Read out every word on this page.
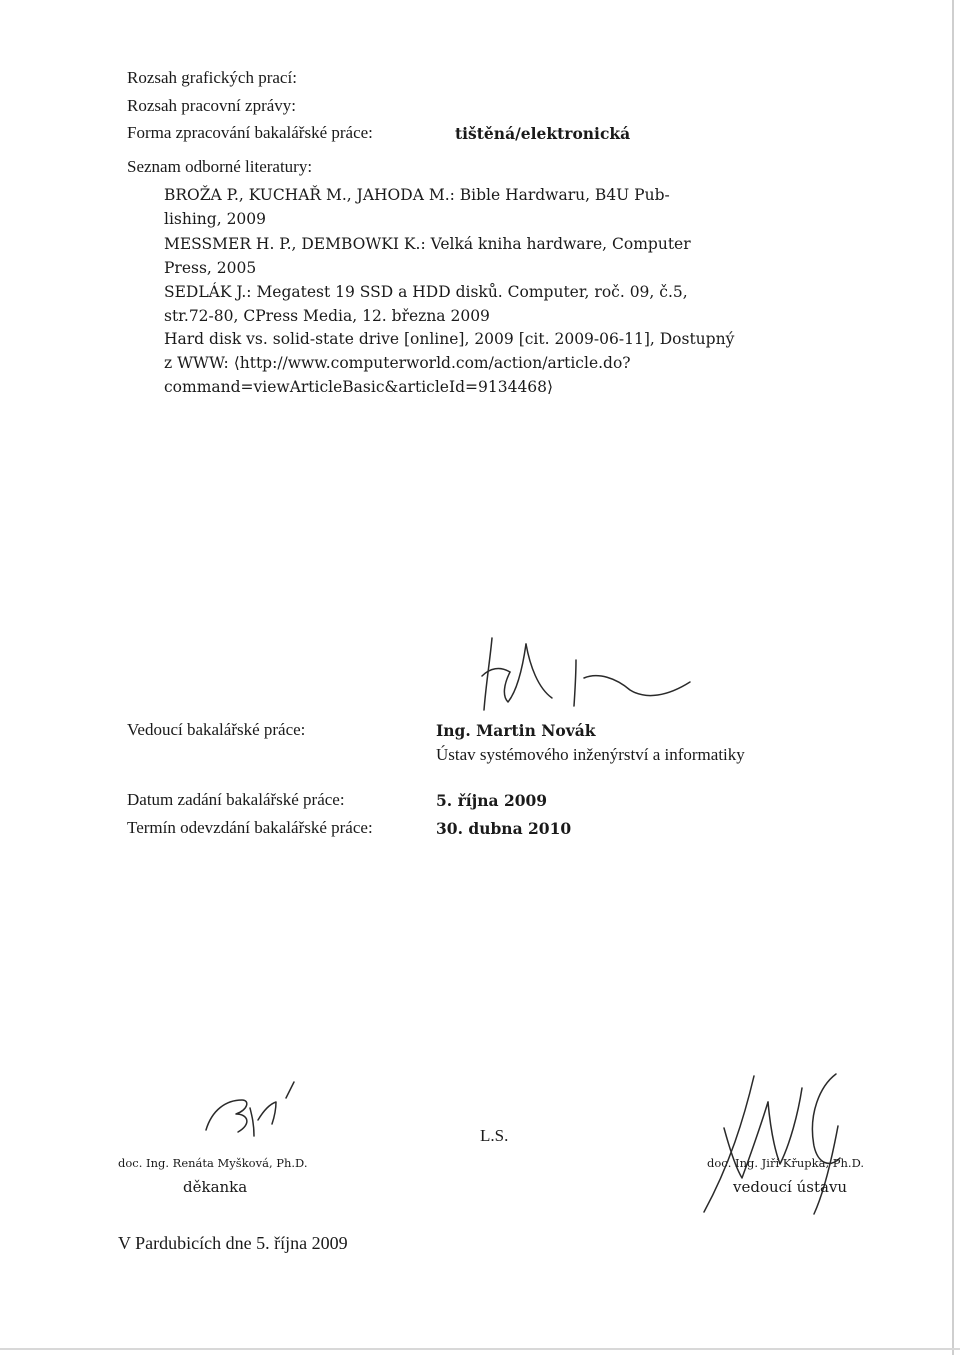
Rozsah grafických prací:
Rozsah pracovní zprávy:
Forma zpracování bakalářské práce:	tištěná/elektronická
Seznam odborné literatury:
BROŽA P., KUCHAŘ M., JAHODA M.: Bible Hardwaru, B4U Pub-
lishing, 2009
MESSMER H. P., DEMBOWKI K.: Velká kniha hardware, Computer
Press, 2005
SEDLÁK J.: Megatest 19 SSD a HDD disků. Computer, roč. 09, č.5,
str.72-80, CPress Media, 12. března 2009
Hard disk vs. solid-state drive [online], 2009 [cit. 2009-06-11], Dostupný
z WWW: ⟨http://www.computerworld.com/action/article.do?
command=viewArticleBasic&articleId=9134468⟩
Vedoucí bakalářské práce:	Ing. Martin Novák
Ústav systémového inženýrství a informatiky
Datum zadání bakalářské práce:	5. října 2009
Termín odevzdání bakalářské práce:	30. dubna 2010
doc. Ing. Renáta Myšková, Ph.D.
děkanka
L.S.
doc. Ing. Jiří Křupka, Ph.D.
vedoucí ústavu
V Pardubicích dne 5. října 2009
